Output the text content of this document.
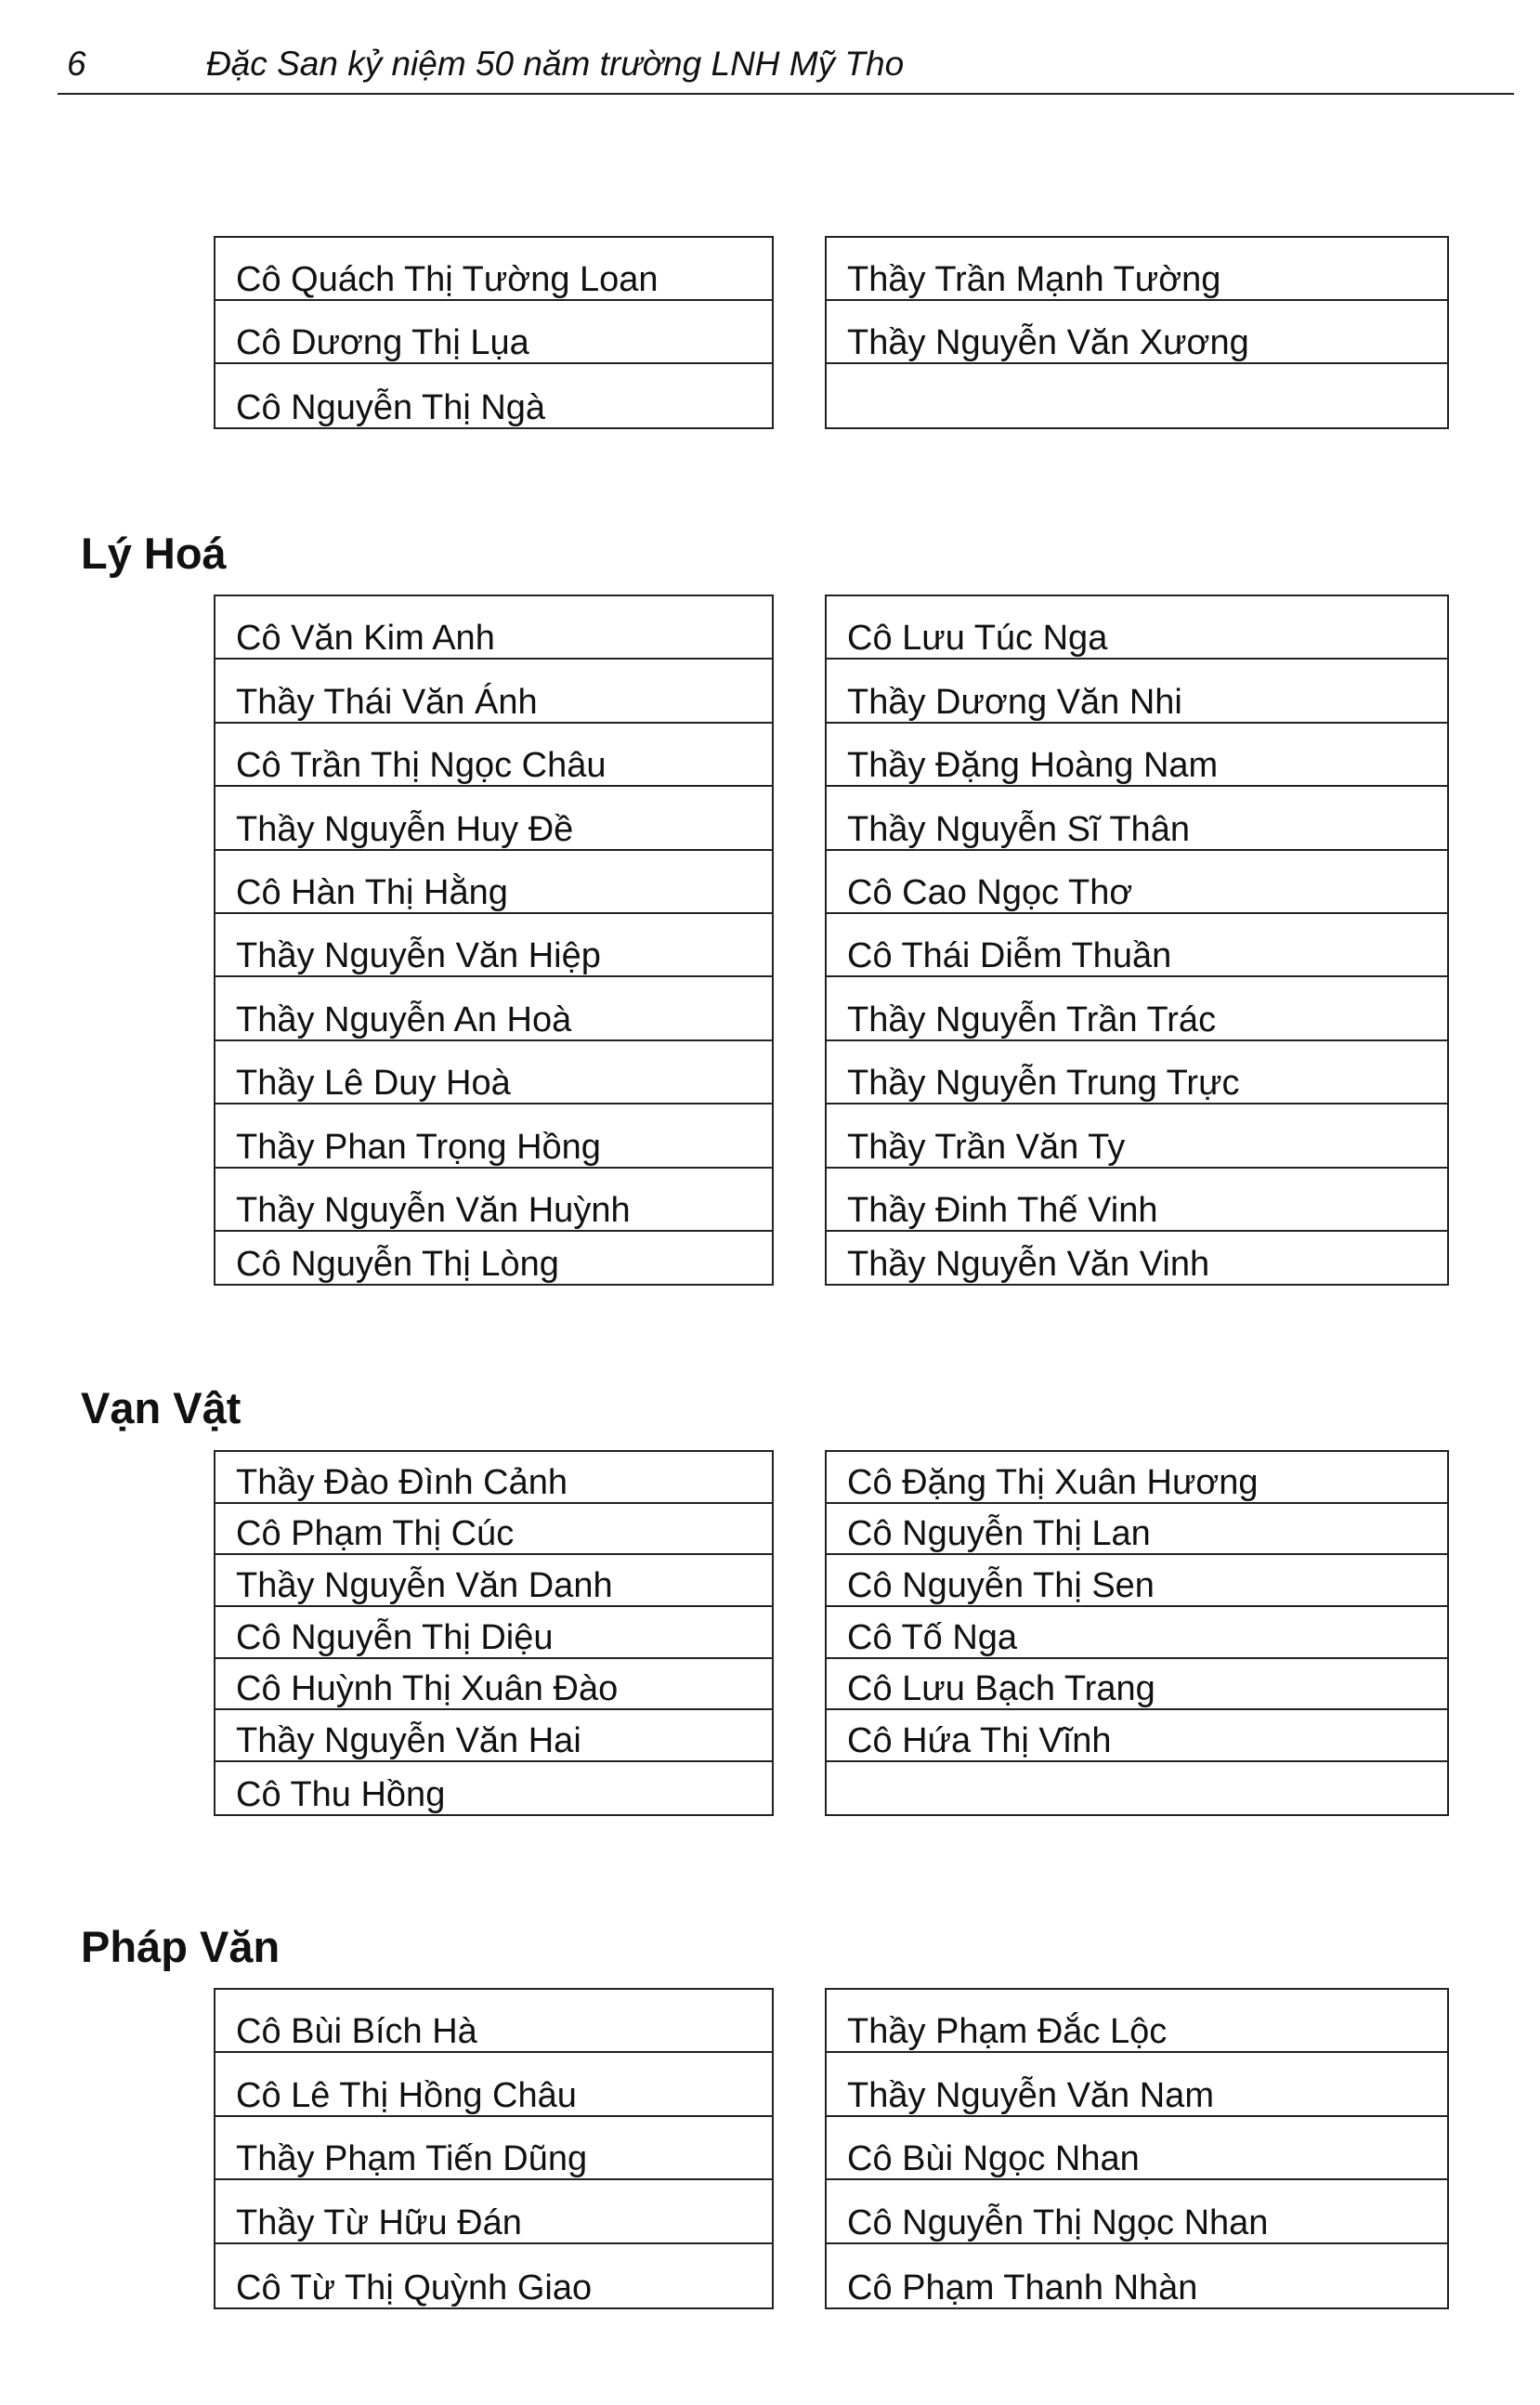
6	Đặc San kỷ niệm 50 năm trường LNH Mỹ Tho
Cô Quách Thị Tường Loan
Cô Dương Thị Lụa
Cô Nguyễn Thị Ngà
Thầy Trần Mạnh Tường
Thầy Nguyễn Văn Xương
Lý Hoá
Cô Văn Kim Anh
Thầy Thái Văn Ánh
Cô Trần Thị Ngọc Châu
Thầy Nguyễn Huy Đề
Cô Hàn Thị Hằng
Thầy Nguyễn Văn Hiệp
Thầy Nguyễn An Hoà
Thầy Lê Duy Hoà
Thầy Phan Trọng Hồng
Thầy Nguyễn Văn Huỳnh
Cô Nguyễn Thị Lòng
Cô Lưu Túc Nga
Thầy Dương Văn Nhi
Thầy Đặng Hoàng Nam
Thầy Nguyễn Sĩ Thân
Cô Cao Ngọc Thơ
Cô Thái Diễm Thuần
Thầy Nguyễn Trần Trác
Thầy Nguyễn Trung Trực
Thầy Trần Văn Ty
Thầy Đinh Thế Vinh
Thầy Nguyễn Văn Vinh
Vạn Vật
Thầy Đào Đình Cảnh
Cô Phạm Thị Cúc
Thầy Nguyễn Văn Danh
Cô Nguyễn Thị Diệu
Cô Huỳnh Thị Xuân Đào
Thầy Nguyễn Văn Hai
Cô Thu Hồng
Cô Đặng Thị Xuân Hương
Cô Nguyễn Thị Lan
Cô Nguyễn Thị Sen
Cô Tố Nga
Cô Lưu Bạch Trang
Cô Hứa Thị Vĩnh
Pháp Văn
Cô Bùi Bích Hà
Cô Lê Thị Hồng Châu
Thầy Phạm Tiến Dũng
Thầy Từ Hữu Đán
Cô Từ Thị Quỳnh Giao
Thầy Phạm Đắc Lộc
Thầy Nguyễn Văn Nam
Cô Bùi Ngọc Nhan
Cô Nguyễn Thị Ngọc Nhan
Cô Phạm Thanh Nhàn
